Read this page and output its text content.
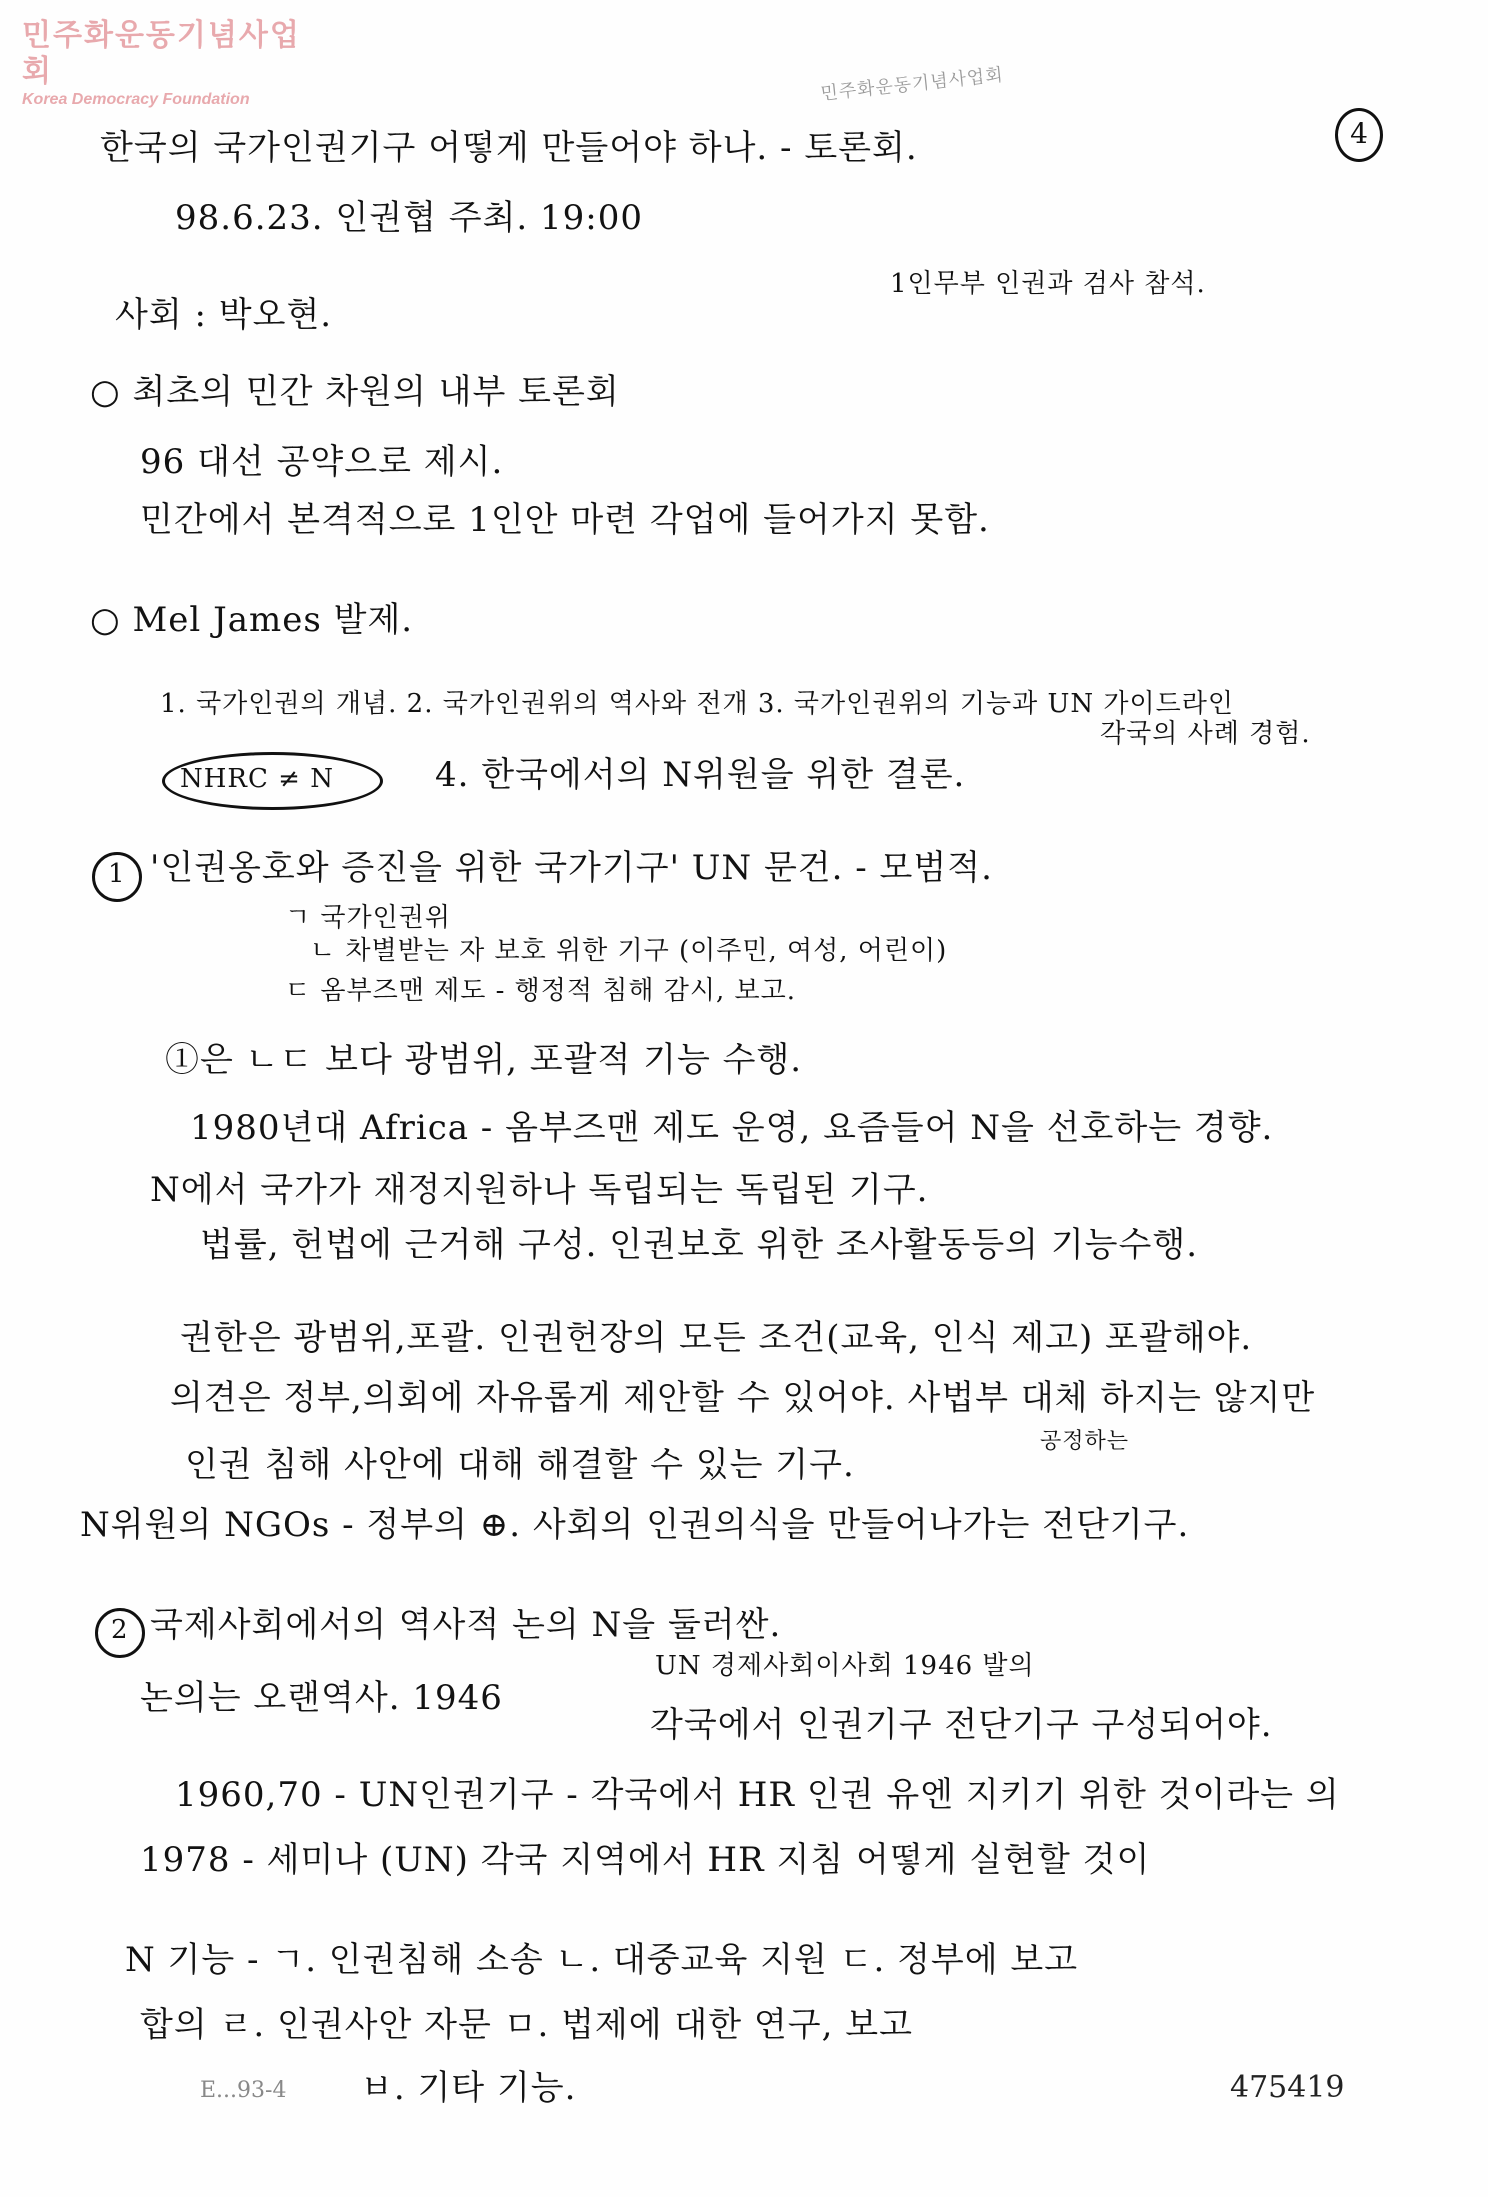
민주화운동기념사업회
Korea Democracy Foundation	민주화운동기념사업회
4

한국의 국가인권기구 어떻게 만들어야 하나. - 토론회.

98.6.23. 인권협 주최. 19:00

1인무부 인권과 검사 참석.

사회 : 박오현.

○ 최초의 민간 차원의 내부 토론회

96 대선 공약으로 제시.

민간에서 본격적으로 1인안 마련 각업에 들어가지 못함.

○ Mel James 발제.

1. 국가인권의 개념. 2. 국가인권위의 역사와 전개 3. 국가인권위의 기능과 UN 가이드라인

각국의 사례 경험.

4. 한국에서의 N위원을 위한 결론.

NHRC ≠ N

1 '인권옹호와 증진을 위한 국가기구' UN 문건. - 모범적.

ㄱ 국가인권위

ㄴ 차별받는 자 보호 위한 기구 (이주민, 여성, 어린이)

ㄷ 옴부즈맨 제도 - 행정적 침해 감시, 보고.

①은 ㄴㄷ 보다 광범위, 포괄적 기능 수행.

1980년대 Africa - 옴부즈맨 제도 운영, 요즘들어 N을 선호하는 경향.

N에서 국가가 재정지원하나 독립되는 독립된 기구.

법률, 헌법에 근거해 구성. 인권보호 위한 조사활동등의 기능수행.

권한은 광범위,포괄. 인권헌장의 모든 조건(교육, 인식 제고) 포괄해야.

의견은 정부,의회에 자유롭게 제안할 수 있어야. 사법부 대체 하지는 않지만

인권 침해 사안에 대해 해결할 수 있는 기구.

공정하는

N위원의 NGOs - 정부의 ⊕. 사회의 인권의식을 만들어나가는 전단기구.

2 국제사회에서의 역사적 논의 N을 둘러싼.

UN 경제사회이사회 1946 발의

논의는 오랜역사. 1946

각국에서 인권기구 전단기구 구성되어야.

1960,70 - UN인권기구 - 각국에서 HR 인권 유엔 지키기 위한 것이라는 의

1978 - 세미나 (UN) 각국 지역에서 HR 지침 어떻게 실현할 것이

N 기능 - ㄱ. 인권침해 소송 ㄴ. 대중교육 지원 ㄷ. 정부에 보고

합의 ㄹ. 인권사안 자문 ㅁ. 법제에 대한 연구, 보고

ㅂ. 기타 기능.

E...93-4	475419
